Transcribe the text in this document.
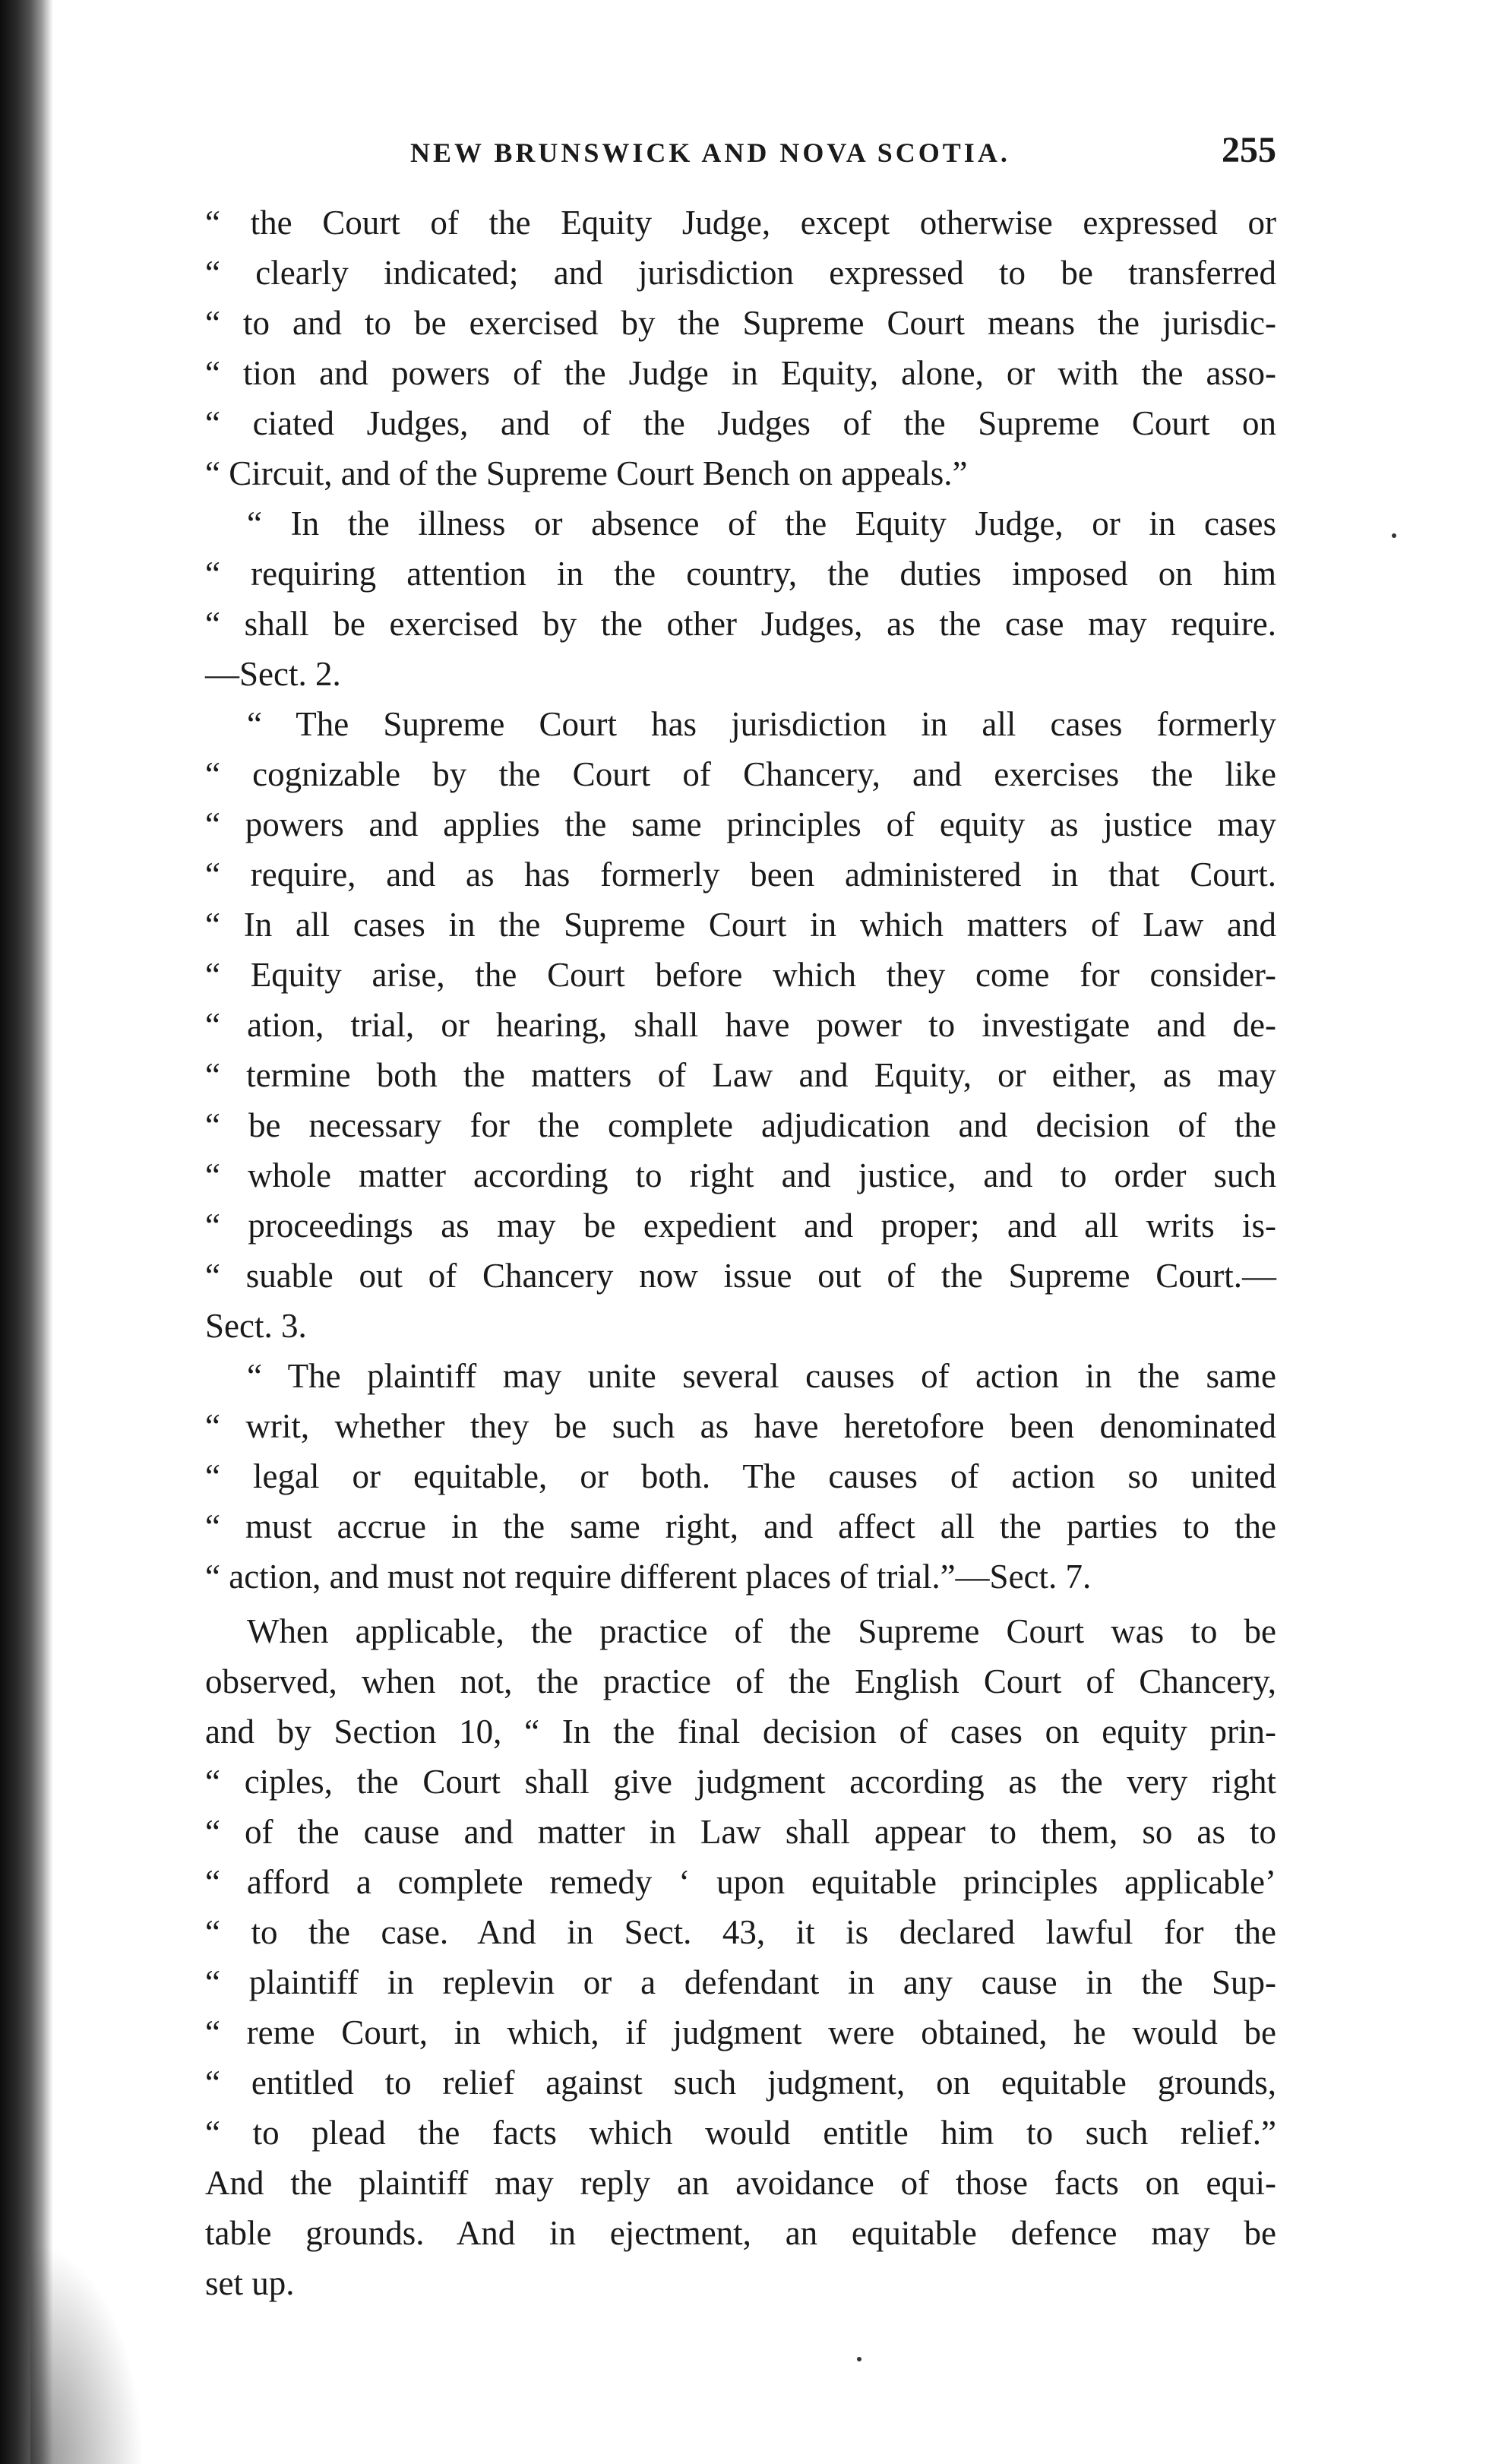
NEW BRUNSWICK AND NOVA SCOTIA.	255
“ the Court of the Equity Judge, except otherwise expressed or
“ clearly indicated; and jurisdiction expressed to be transferred
“ to and to be exercised by the Supreme Court means the jurisdic-
“ tion and powers of the Judge in Equity, alone, or with the asso-
“ ciated Judges, and of the Judges of the Supreme Court on
“ Circuit, and of the Supreme Court Bench on appeals.”
“ In the illness or absence of the Equity Judge, or in cases
“ requiring attention in the country, the duties imposed on him
“ shall be exercised by the other Judges, as the case may require.
—Sect. 2.
“ The Supreme Court has jurisdiction in all cases formerly
“ cognizable by the Court of Chancery, and exercises the like
“ powers and applies the same principles of equity as justice may
“ require, and as has formerly been administered in that Court.
“ In all cases in the Supreme Court in which matters of Law and
“ Equity arise, the Court before which they come for consider-
“ ation, trial, or hearing, shall have power to investigate and de-
“ termine both the matters of Law and Equity, or either, as may
“ be necessary for the complete adjudication and decision of the
“ whole matter according to right and justice, and to order such
“ proceedings as may be expedient and proper; and all writs is-
“ suable out of Chancery now issue out of the Supreme Court.—
Sect. 3.
“ The plaintiff may unite several causes of action in the same
“ writ, whether they be such as have heretofore been denominated
“ legal or equitable, or both. The causes of action so united
“ must accrue in the same right, and affect all the parties to the
“ action, and must not require different places of trial.”—Sect. 7.
When applicable, the practice of the Supreme Court was to be
observed, when not, the practice of the English Court of Chancery,
and by Section 10, “ In the final decision of cases on equity prin-
“ ciples, the Court shall give judgment according as the very right
“ of the cause and matter in Law shall appear to them, so as to
“ afford a complete remedy ‘ upon equitable principles applicable’
“ to the case. And in Sect. 43, it is declared lawful for the
“ plaintiff in replevin or a defendant in any cause in the Sup-
“ reme Court, in which, if judgment were obtained, he would be
“ entitled to relief against such judgment, on equitable grounds,
“ to plead the facts which would entitle him to such relief.”
And the plaintiff may reply an avoidance of those facts on equi-
table grounds. And in ejectment, an equitable defence may be
set up.
